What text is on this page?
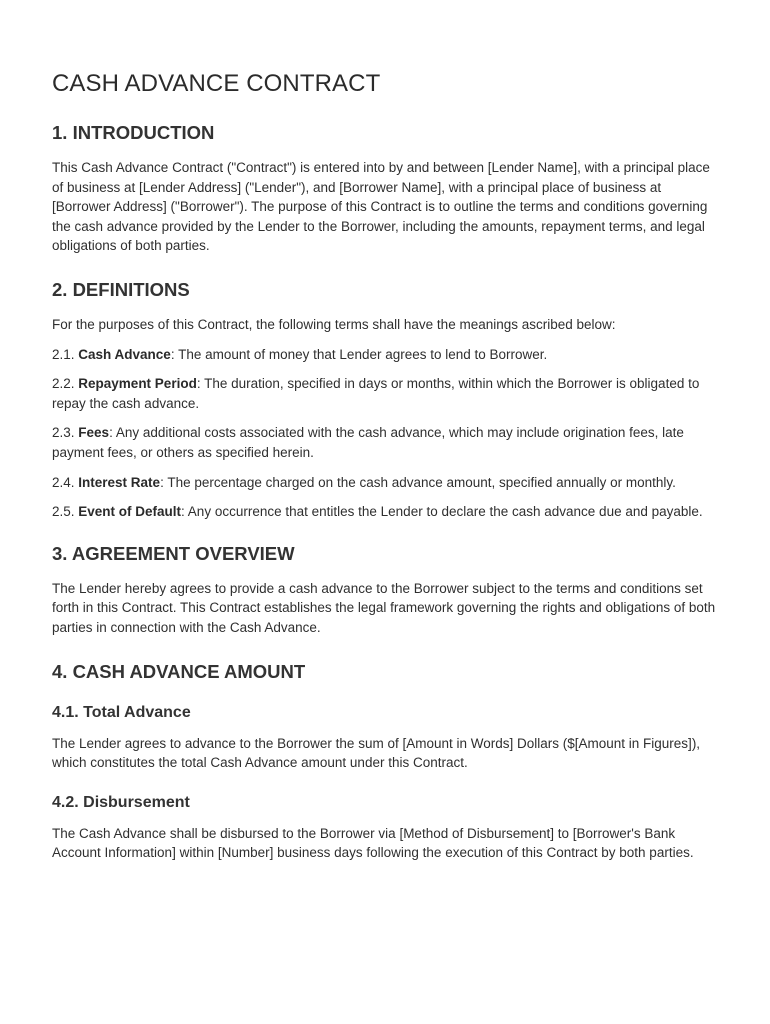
CASH ADVANCE CONTRACT
1. INTRODUCTION

This Cash Advance Contract ("Contract") is entered into by and between [Lender Name], with a principal place of business at [Lender Address] ("Lender"), and [Borrower Name], with a principal place of business at [Borrower Address] ("Borrower"). The purpose of this Contract is to outline the terms and conditions governing the cash advance provided by the Lender to the Borrower, including the amounts, repayment terms, and legal obligations of both parties.

2. DEFINITIONS

For the purposes of this Contract, the following terms shall have the meanings ascribed below:

2.1. Cash Advance: The amount of money that Lender agrees to lend to Borrower.

2.2. Repayment Period: The duration, specified in days or months, within which the Borrower is obligated to repay the cash advance.

2.3. Fees: Any additional costs associated with the cash advance, which may include origination fees, late payment fees, or others as specified herein.

2.4. Interest Rate: The percentage charged on the cash advance amount, specified annually or monthly.

2.5. Event of Default: Any occurrence that entitles the Lender to declare the cash advance due and payable.

3. AGREEMENT OVERVIEW

The Lender hereby agrees to provide a cash advance to the Borrower subject to the terms and conditions set forth in this Contract. This Contract establishes the legal framework governing the rights and obligations of both parties in connection with the Cash Advance.

4. CASH ADVANCE AMOUNT
4.1. Total Advance

The Lender agrees to advance to the Borrower the sum of [Amount in Words] Dollars ($[Amount in Figures]), which constitutes the total Cash Advance amount under this Contract.

4.2. Disbursement

The Cash Advance shall be disbursed to the Borrower via [Method of Disbursement] to [Borrower's Bank Account Information] within [Number] business days following the execution of this Contract by both parties.
